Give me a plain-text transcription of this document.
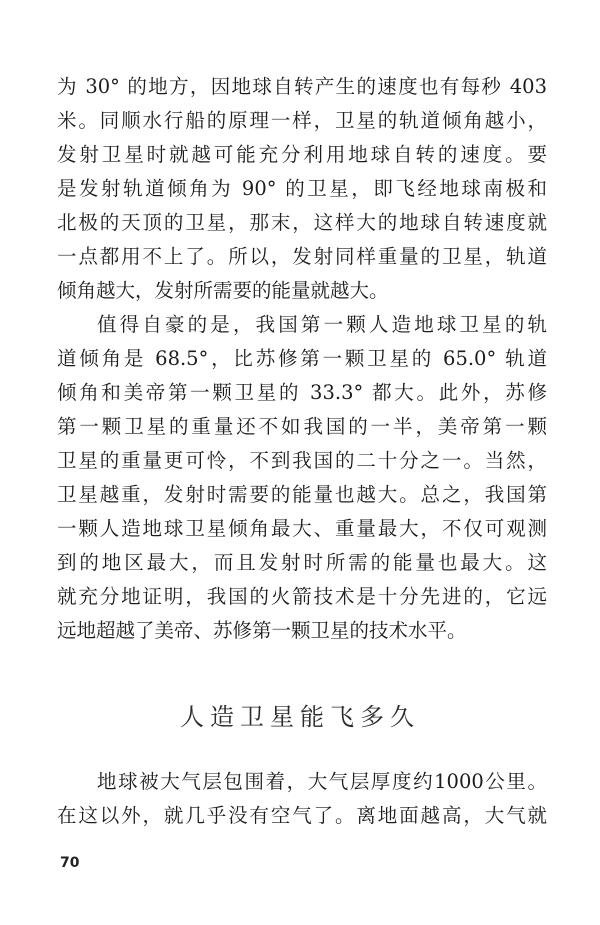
为 30° 的地方，因地球自转产生的速度也有每秒 403
米。同顺水行船的原理一样，卫星的轨道倾角越小，
发射卫星时就越可能充分利用地球自转的速度。要
是发射轨道倾角为 90° 的卫星，即飞经地球南极和
北极的天顶的卫星，那末，这样大的地球自转速度就
一点都用不上了。所以，发射同样重量的卫星，轨道
倾角越大，发射所需要的能量就越大。
值得自豪的是，我国第一颗人造地球卫星的轨
道倾角是 68.5°，比苏修第一颗卫星的 65.0° 轨道
倾角和美帝第一颗卫星的 33.3° 都大。此外，苏修
第一颗卫星的重量还不如我国的一半，美帝第一颗
卫星的重量更可怜，不到我国的二十分之一。当然，
卫星越重，发射时需要的能量也越大。总之，我国第
一颗人造地球卫星倾角最大、重量最大，不仅可观测
到的地区最大，而且发射时所需的能量也最大。这
就充分地证明，我国的火箭技术是十分先进的，它远
远地超越了美帝、苏修第一颗卫星的技术水平。
人造卫星能飞多久
地球被大气层包围着，大气层厚度约1000公里。
在这以外，就几乎没有空气了。离地面越高，大气就
70
